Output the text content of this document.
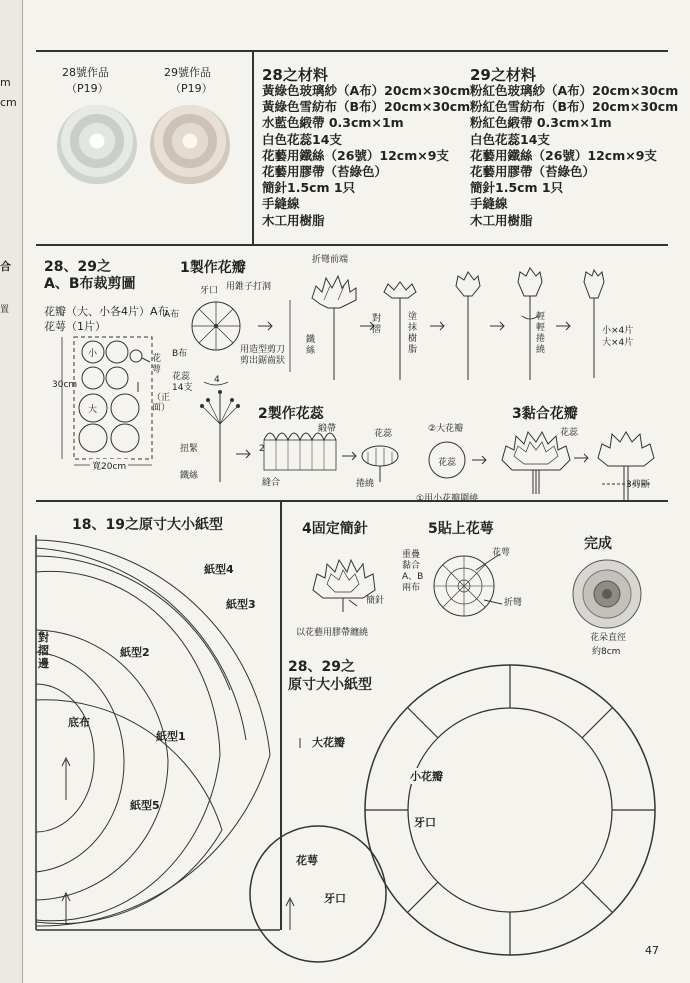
m
cm
合
置
28號作品
（P19）
29號作品
（P19）
28之材料
黃綠色玻璃紗（A布）20cm×30cm
黃綠色雪紡布（B布）20cm×30cm
水藍色緞帶 0.3cm×1m
白色花蕊14支
花藝用鐵絲（26號）12cm×9支
花藝用膠帶（苔綠色）
簡針1.5cm 1只
手縫線
木工用樹脂
29之材料
粉紅色玻璃紗（A布）20cm×30cm
粉紅色雪紡布（B布）20cm×30cm
粉紅色緞帶 0.3cm×1m
白色花蕊14支
花藝用鐵絲（26號）12cm×9支
花藝用膠帶（苔綠色）
簡針1.5cm 1只
手縫線
木工用樹脂
28、29之
A、B布裁剪圖
花瓣（大、小各4片）A布
花萼（1片）
小
大
花萼
（正面）
30cm
寬20cm
1製作花瓣
牙口 用錐子打洞
A布
B布
花蕊14支
用造型剪刀剪出鋸齒狀
4
折彎前端
鐵絲
對摺
塗抹樹脂
輕輕捲繞
小×4片 大×4片
2製作花蕊
扭緊
鐵絲
緞帶
縫合
花蕊
捲繞
2
3黏合花瓣
②大花瓣
花蕊
①用小花瓣圍繞
花蕊
3剪斷
18、19之原寸大小紙型
對摺邊
底布
紙型1
紙型2
紙型3
紙型4
紙型5
4固定簡針	5貼上花萼
完成
簡針
以花藝用膠帶纏繞
花萼
重疊黏合 A、B兩布
折彎
花朵直徑
約8cm
28、29之
原寸大小紙型
大花瓣
小花瓣
牙口
花萼
牙口
47
